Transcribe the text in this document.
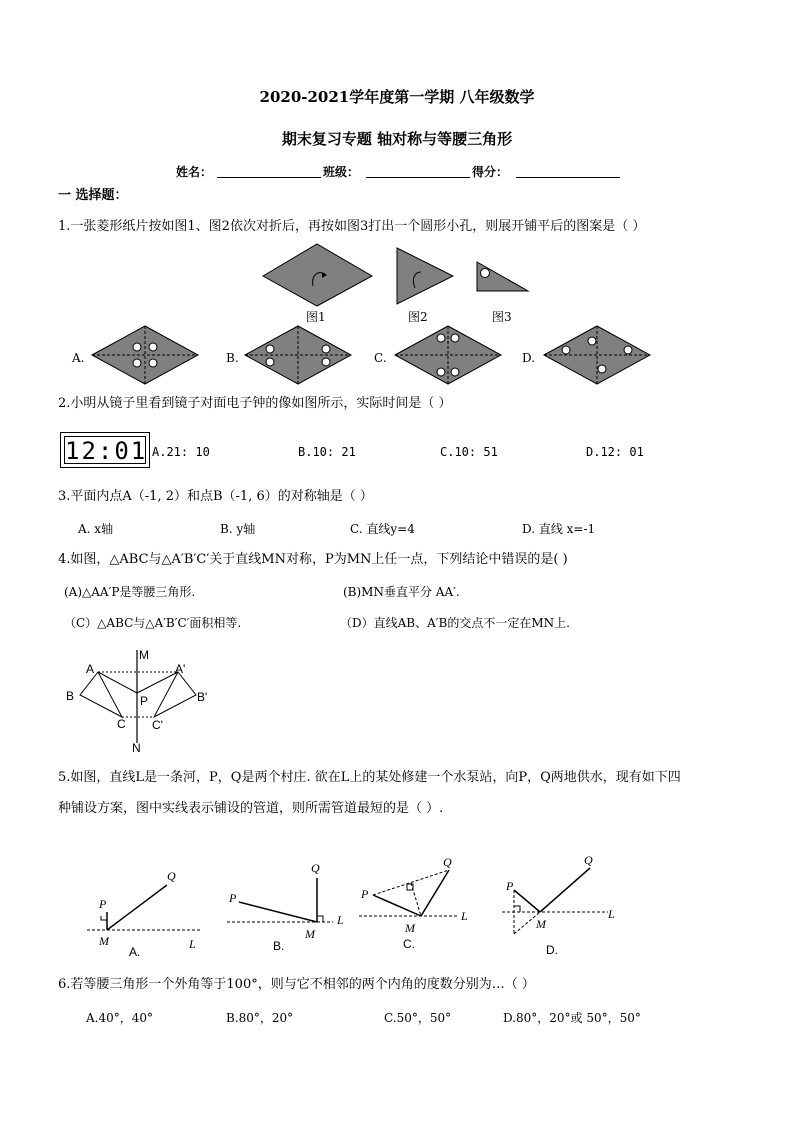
2020-2021学年度第一学期 八年级数学
期末复习专题 轴对称与等腰三角形
姓名：	班级：	得分：
一 选择题：
1.一张菱形纸片按如图1、图2依次对折后，再按如图3打出一个圆形小孔，则展开铺平后的图案是（ ）
图1	图2	图3
A.	B.	C.	D.
2.小明从镜子里看到镜子对面电子钟的像如图所示，实际时间是（ ）
12:01 A.21: 10	B.10: 21	C.10: 51	D.12: 01
3.平面内点A（-1, 2）和点B（-1, 6）的对称轴是（ ）
A. x轴	B. y轴	C. 直线y=4	D. 直线 x=-1
4.如图，△ABC与△A′B′C′关于直线MN对称，P为MN上任一点，下列结论中错误的是( )
(A)△AA′P是等腰三角形.	(B)MN垂直平分 AA′.
（C）△ABC与△A′B′C′面积相等.	（D）直线AB、A′B的交点不一定在MN上.
A
B
C
A'
B'
C'
M
N
P
5.如图，直线L是一条河，P，Q是两个村庄. 欲在L上的某处修建一个水泵站，向P，Q两地供水，现有如下四
种铺设方案，图中实线表示铺设的管道，则所需管道最短的是（ ）.
P
Q
M	L
A.
P
Q
M
L
B.
P
Q
M
L
C.
P
Q
M
L
D.
6.若等腰三角形一个外角等于100°，则与它不相邻的两个内角的度数分别为…（ ）
A.40°，40°	B.80°，20°	C.50°，50°	D.80°，20°或 50°，50°
